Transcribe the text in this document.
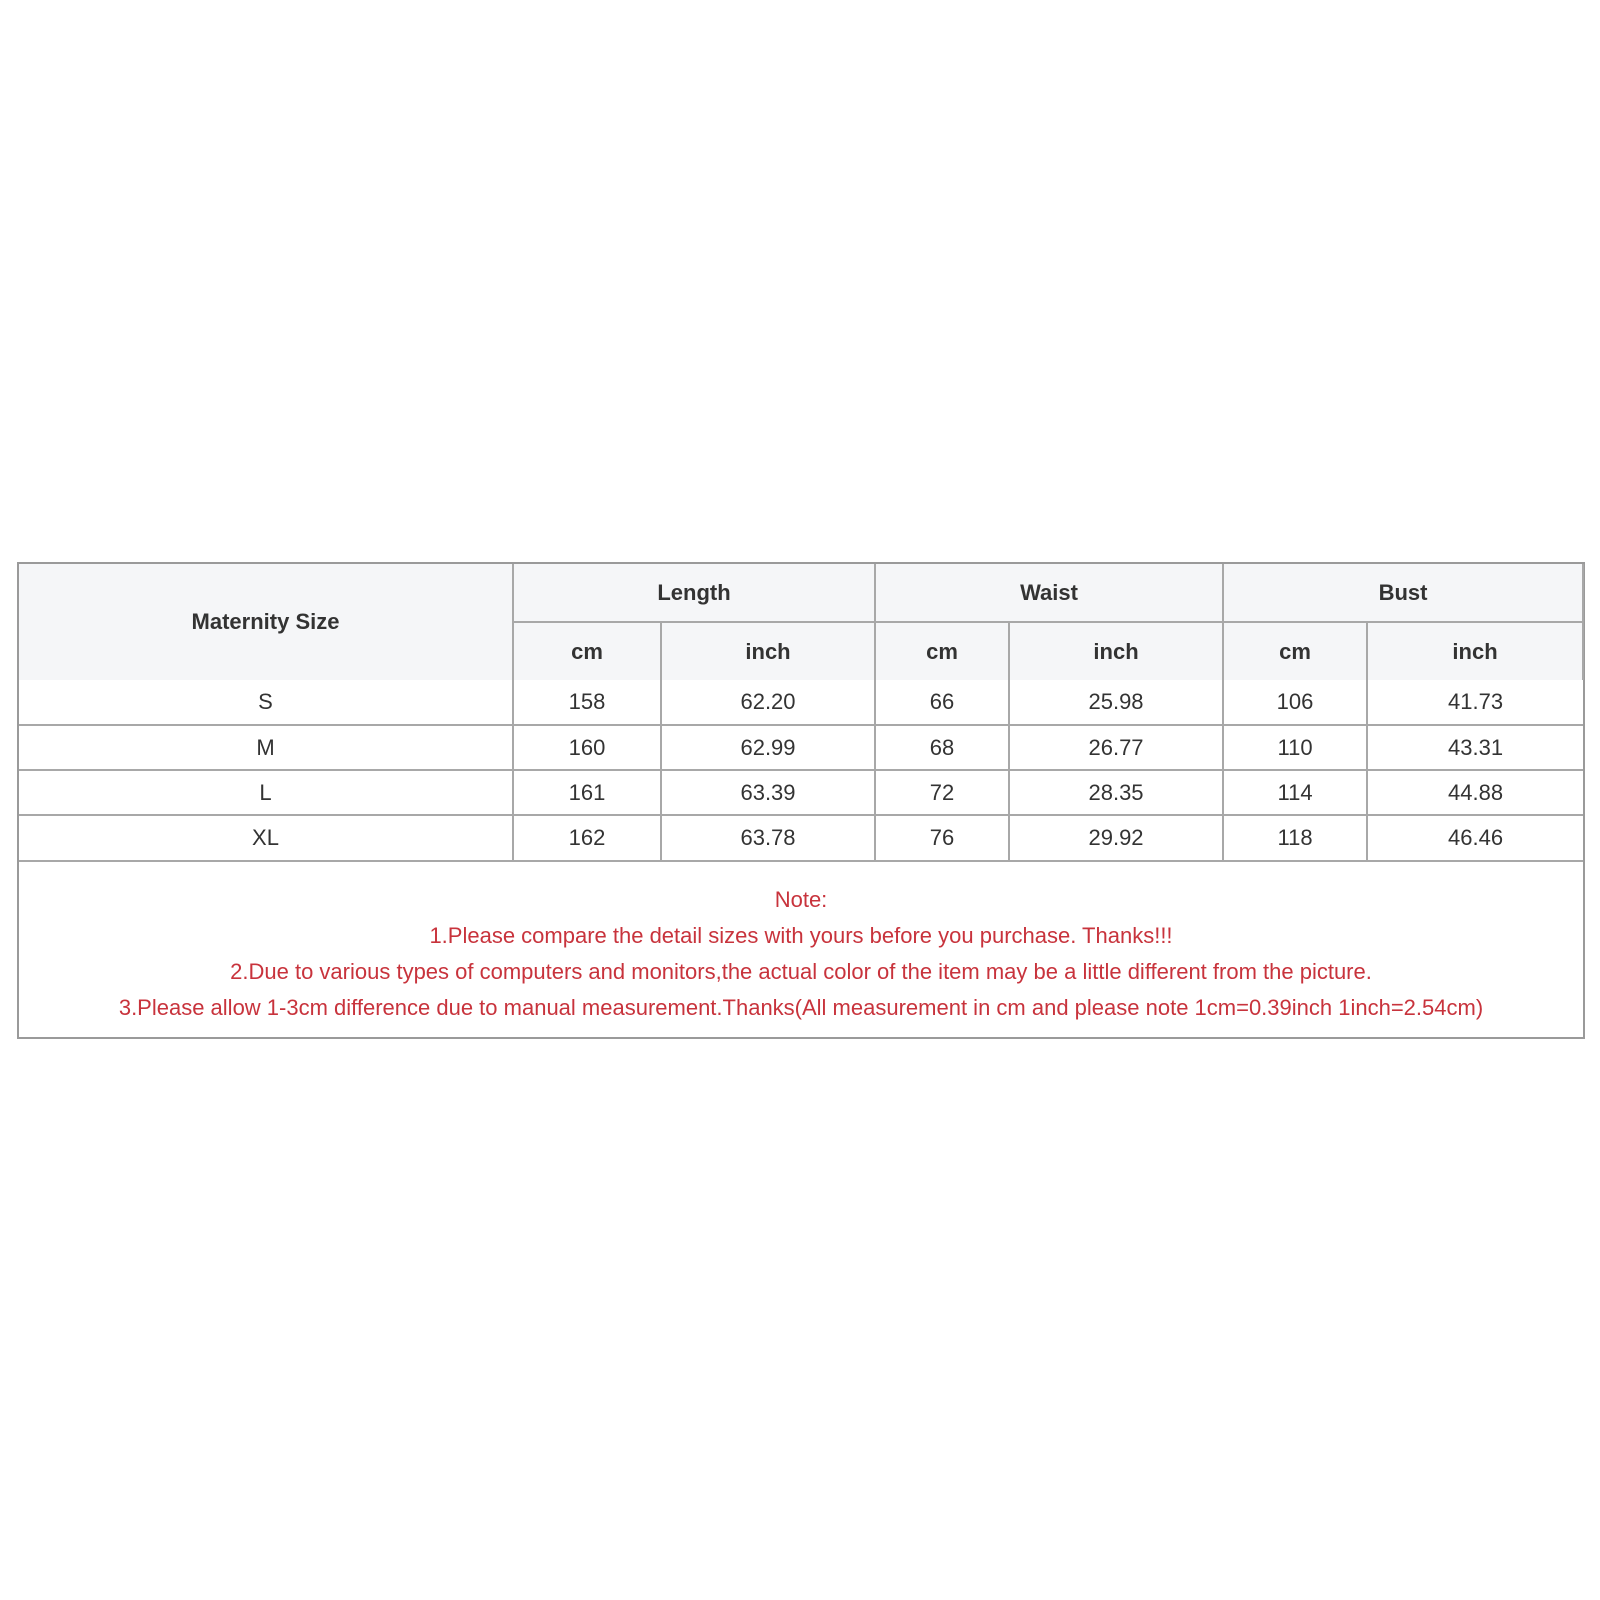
Maternity Size	Length		Waist		Bust	
	cm	inch	cm	inch	cm	inch
S	158	62.20	66	25.98	106	41.73
M	160	62.99	68	26.77	110	43.31
L	161	63.39	72	28.35	114	44.88
XL	162	63.78	76	29.92	118	46.46
Note:
1.Please compare the detail sizes with yours before you purchase. Thanks!!!
2.Due to various types of computers and monitors,the actual color of the item may be a little different from the picture.
3.Please allow 1-3cm difference due to manual measurement.Thanks(All measurement in cm and please note 1cm=0.39inch 1inch=2.54cm)
